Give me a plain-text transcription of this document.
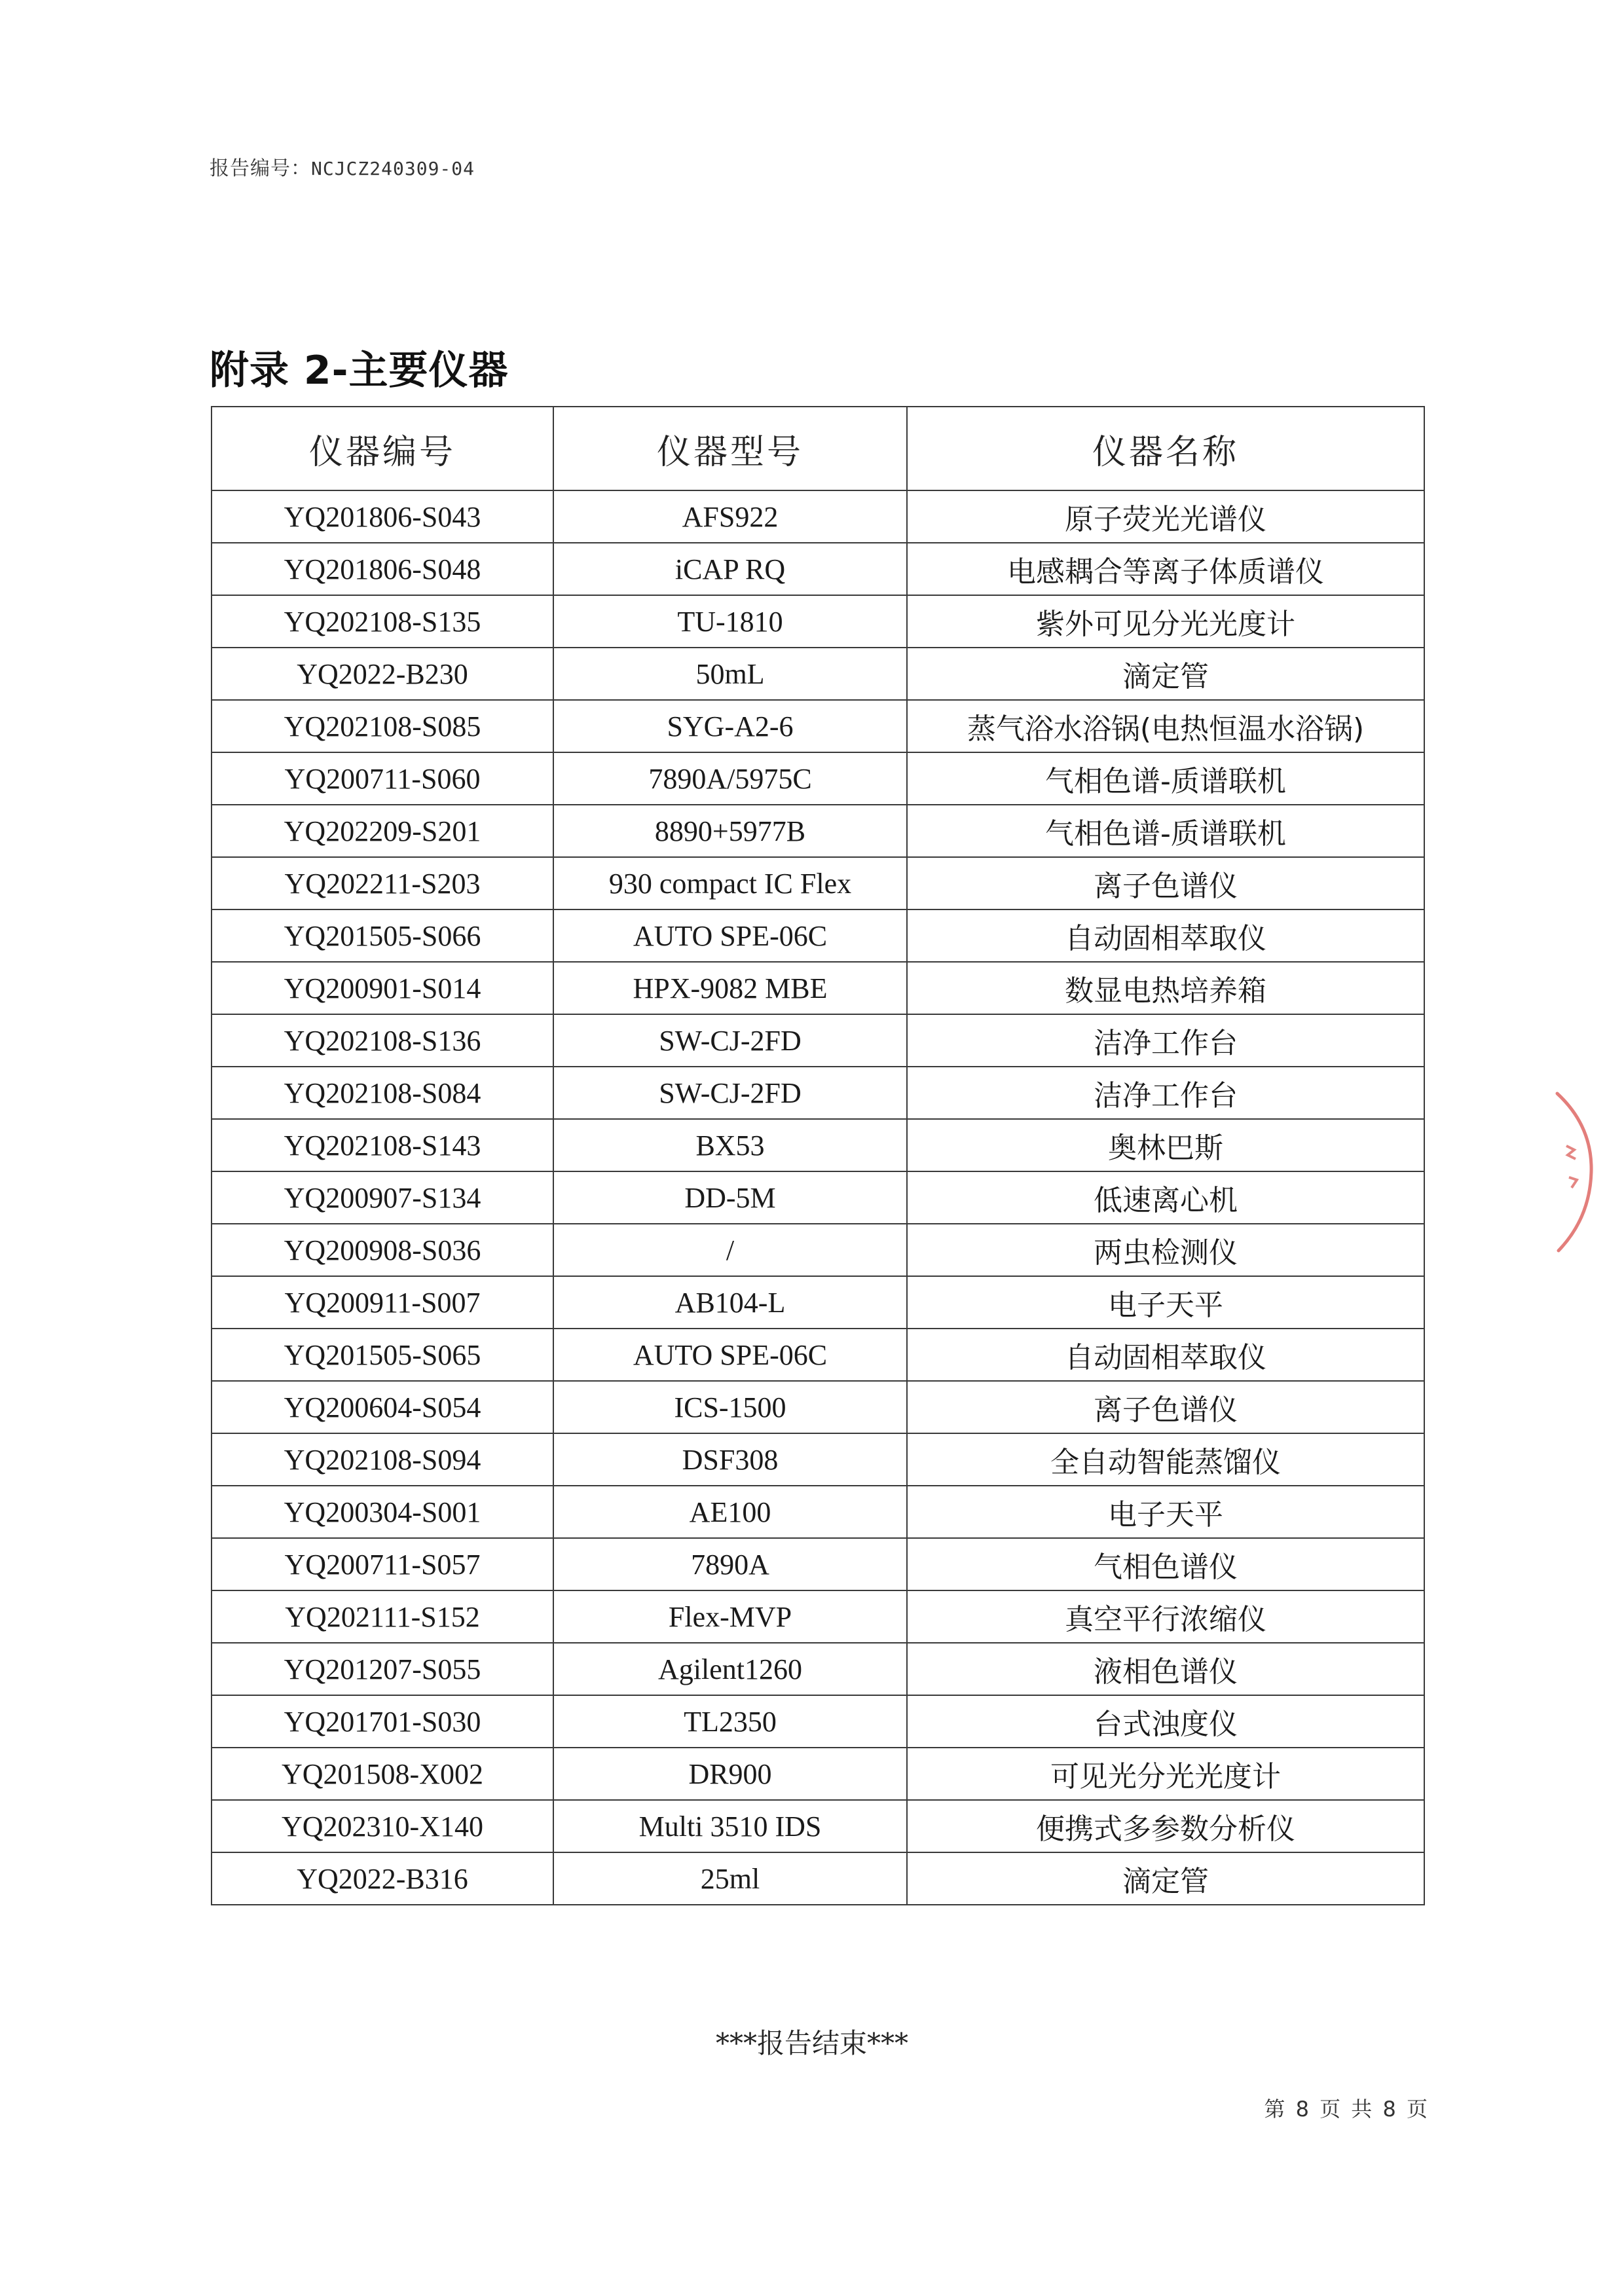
报告编号：NCJCZ240309-04
附录 2-主要仪器
仪器编号	仪器型号	仪器名称
YQ201806-S043	AFS922	原子荧光光谱仪
YQ201806-S048	iCAP RQ	电感耦合等离子体质谱仪
YQ202108-S135	TU-1810	紫外可见分光光度计
YQ2022-B230	50mL	滴定管
YQ202108-S085	SYG-A2-6	蒸气浴水浴锅(电热恒温水浴锅)
YQ200711-S060	7890A/5975C	气相色谱-质谱联机
YQ202209-S201	8890+5977B	气相色谱-质谱联机
YQ202211-S203	930 compact IC Flex	离子色谱仪
YQ201505-S066	AUTO SPE-06C	自动固相萃取仪
YQ200901-S014	HPX-9082 MBE	数显电热培养箱
YQ202108-S136	SW-CJ-2FD	洁净工作台
YQ202108-S084	SW-CJ-2FD	洁净工作台
YQ202108-S143	BX53	奥林巴斯
YQ200907-S134	DD-5M	低速离心机
YQ200908-S036	/	两虫检测仪
YQ200911-S007	AB104-L	电子天平
YQ201505-S065	AUTO SPE-06C	自动固相萃取仪
YQ200604-S054	ICS-1500	离子色谱仪
YQ202108-S094	DSF308	全自动智能蒸馏仪
YQ200304-S001	AE100	电子天平
YQ200711-S057	7890A	气相色谱仪
YQ202111-S152	Flex-MVP	真空平行浓缩仪
YQ201207-S055	Agilent1260	液相色谱仪
YQ201701-S030	TL2350	台式浊度仪
YQ201508-X002	DR900	可见光分光光度计
YQ202310-X140	Multi 3510 IDS	便携式多参数分析仪
YQ2022-B316	25ml	滴定管
***报告结束***
第 8 页 共 8 页
